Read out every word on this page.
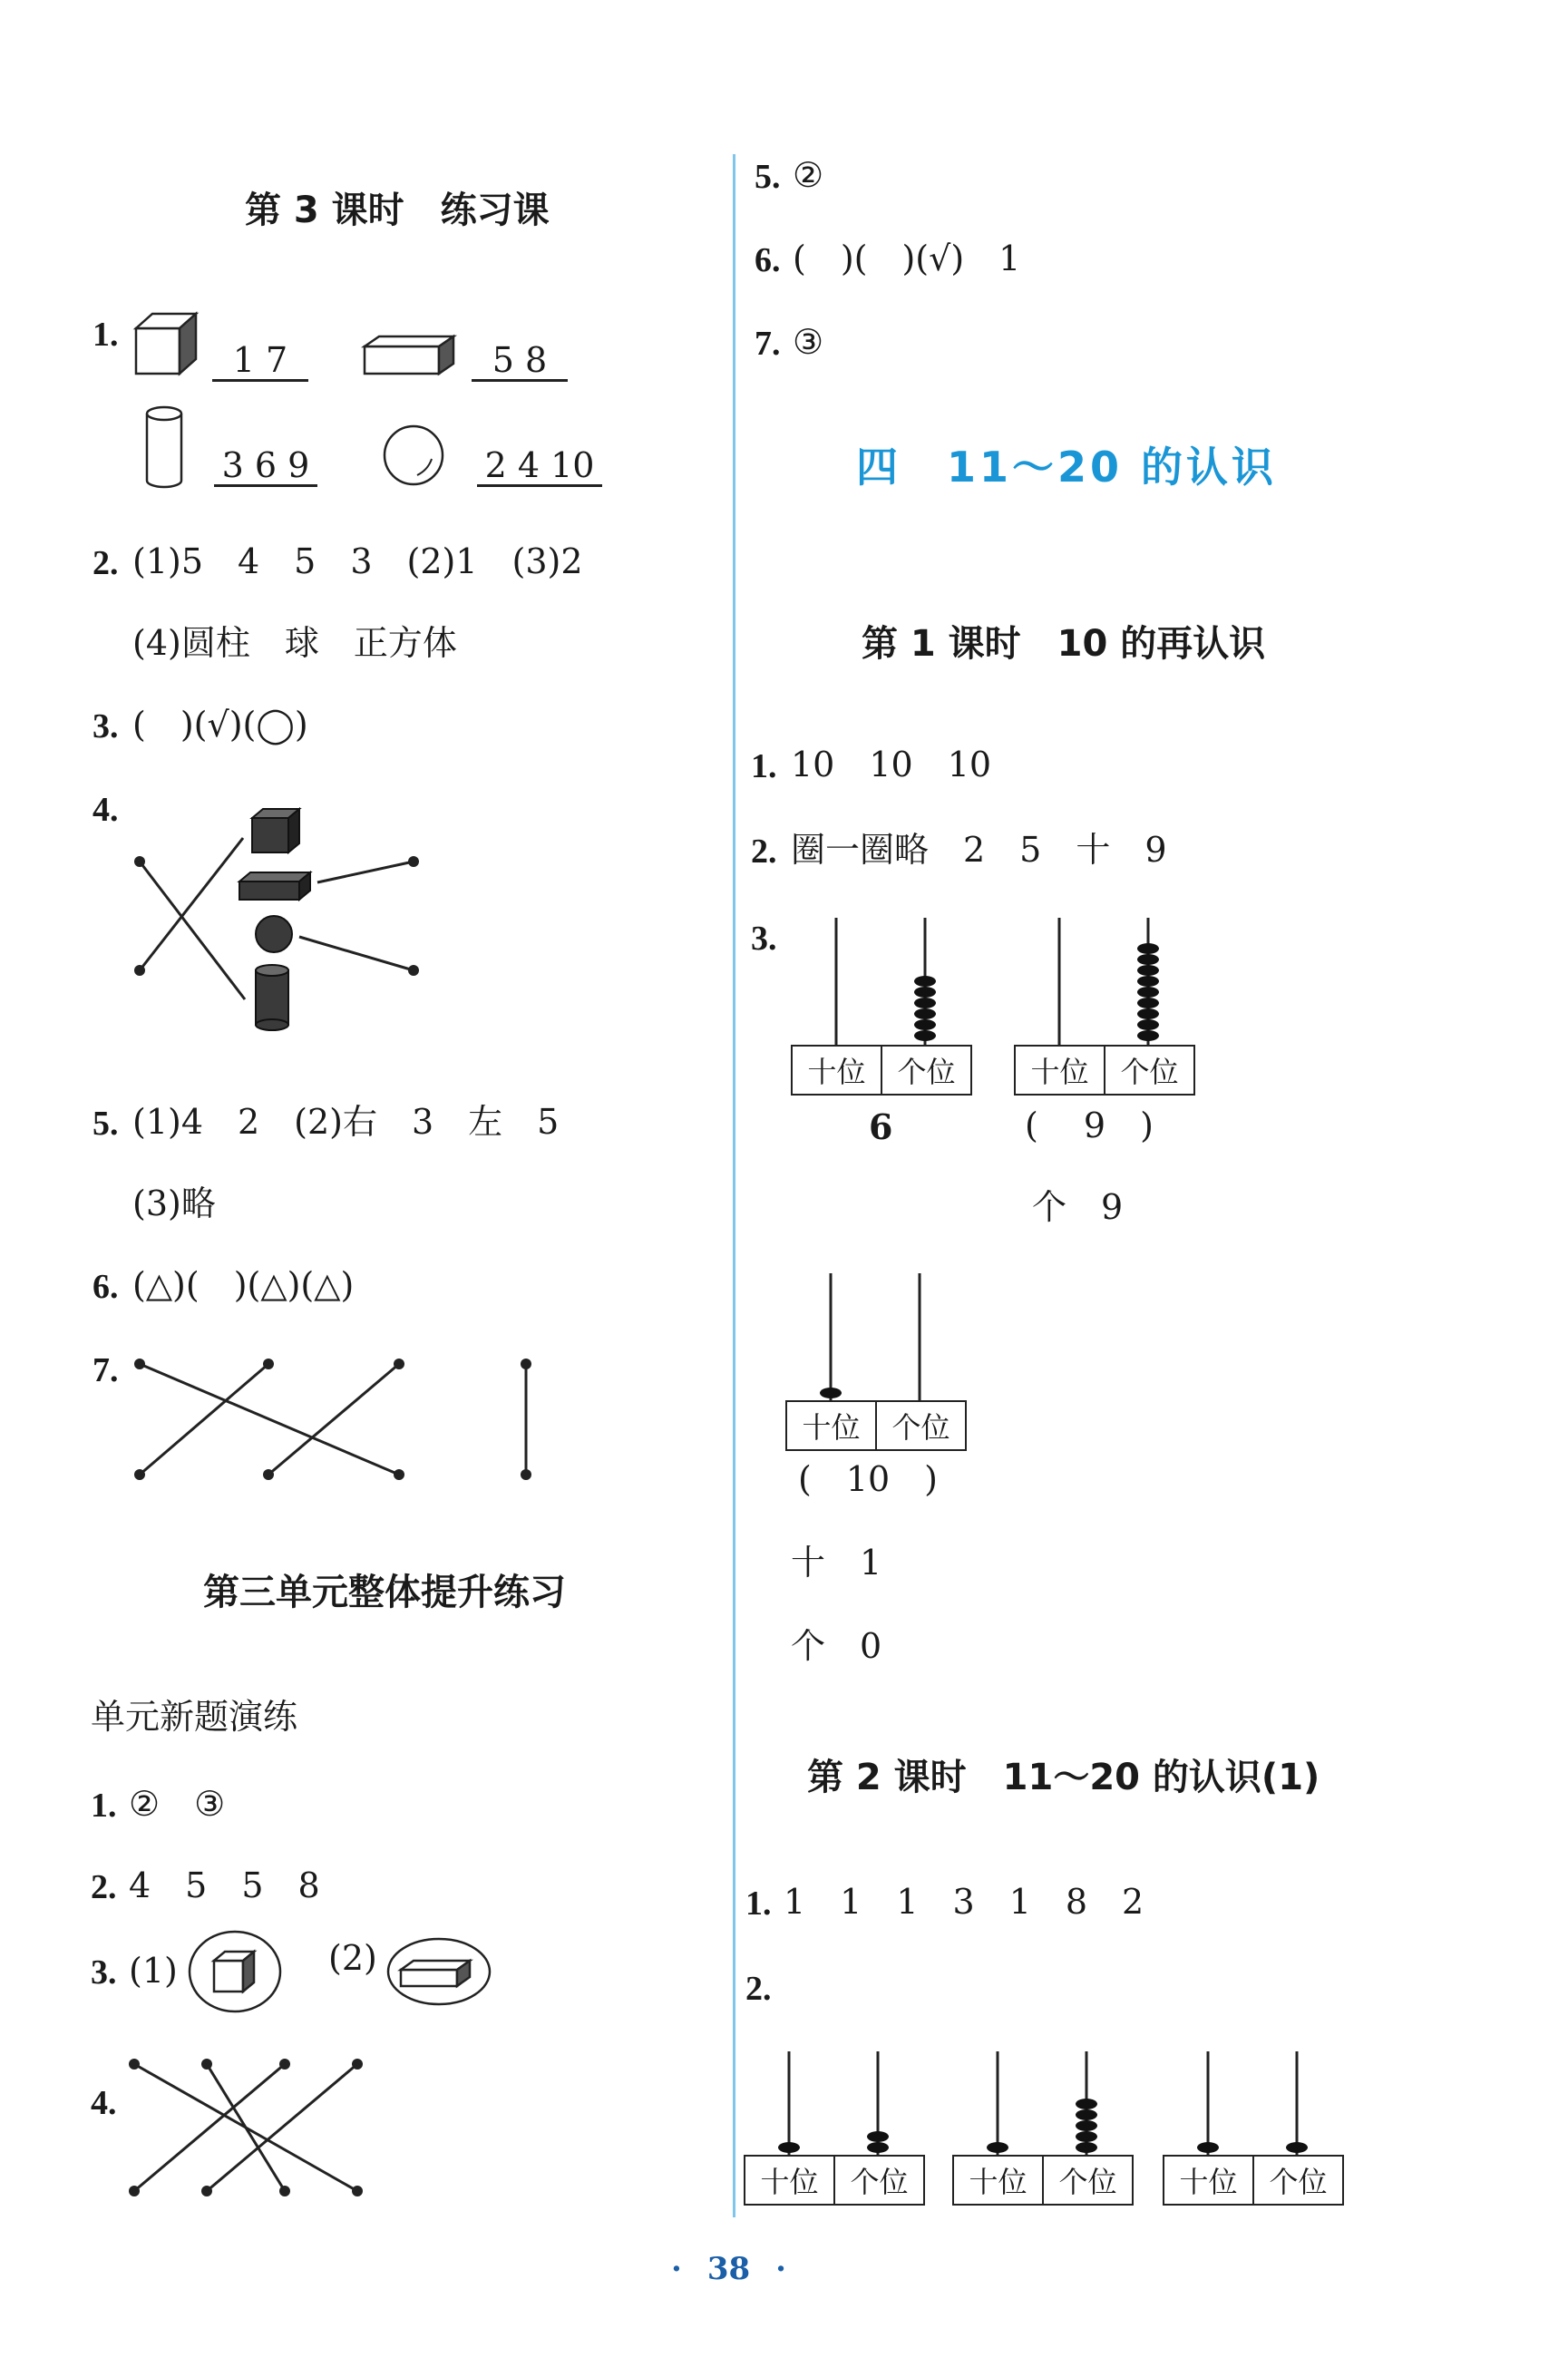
第 3 课时　练习课
1.
1 7	5 8
3 6 9	2 4 10
2. (1)5　4　5　3　(2)1　(3)2
(4)圆柱　球　正方体
3. (　)(√)(◯)
4.
5. (1)4　2　(2)右　3　左　5
(3)略
6. (△)(　)(△)(△)
7.
第三单元整体提升练习
单元新题演练
1. ②　③
2. 4　5　5　8
3. (1)	(2)
4.
5. ②
6. (　)(　)(√)　1
7. ③
四　11～20 的认识
第 1 课时　10 的再认识
1. 10　10　10
2. 圈一圈略　2　5　十　9
3.
十位	个位
6
十位	个位
(　 9　)
个　9
十位	个位
(　10　)
十　1
个　0
第 2 课时　11～20 的认识(1)
1. 1　1　1　3　1　8　2
2.
十位	个位	十位	个位	十位	个位
· 38 ·
